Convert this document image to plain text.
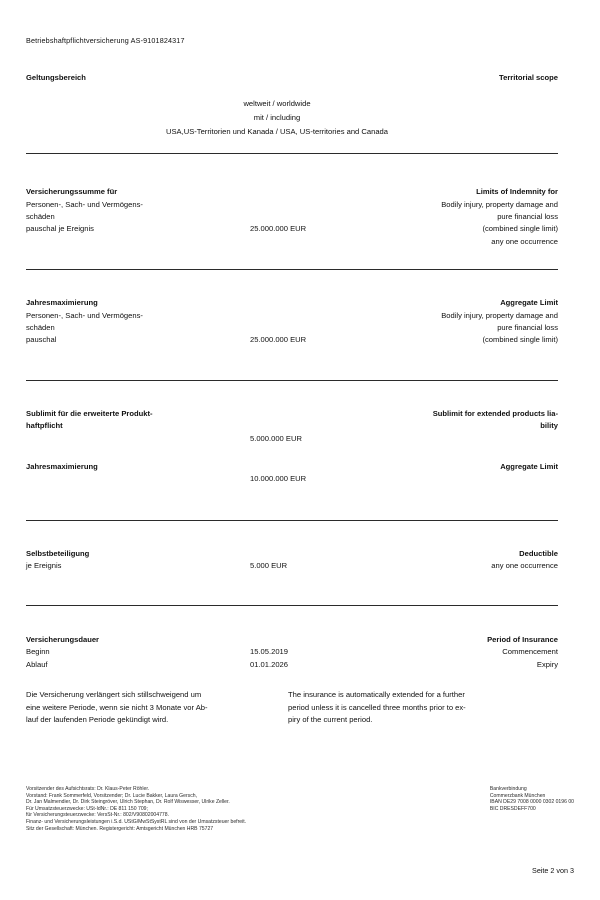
Betriebshaftpflichtversicherung AS-9101824317
Geltungsbereich	Territorial scope
weltweit / worldwide
mit / including
USA,US-Territorien und Kanada / USA, US-territories and Canada
Versicherungssumme für	Limits of Indemnity for
Personen-, Sach- und Vermögens-	Bodily injury, property damage and
schäden	pure financial loss
pauschal je Ereignis	25.000.000 EUR	(combined single limit)
any one occurrence
Jahresmaximierung	Aggregate Limit
Personen-, Sach- und Vermögens-	Bodily injury, property damage and
schäden	pure financial loss
pauschal	25.000.000 EUR	(combined single limit)
Sublimit für die erweiterte Produkt-	Sublimit for extended products lia-
haftpflicht	bility
5.000.000 EUR
Jahresmaximierung	Aggregate Limit
10.000.000 EUR
Selbstbeteiligung	Deductible
je Ereignis	5.000 EUR	any one occurrence
Versicherungsdauer	Period of Insurance
Beginn	15.05.2019	Commencement
Ablauf	01.01.2026	Expiry
Die Versicherung verlängert sich stillschweigend um
eine weitere Periode, wenn sie nicht 3 Monate vor Ab-
lauf der laufenden Periode gekündigt wird.
The insurance is automatically extended for a further
period unless it is cancelled three months prior to ex-
piry of the current period.
Vorsitzender des Aufsichtsrats: Dr. Klaus-Peter Röhler.
Vorstand: Frank Sommerfeld, Vorsitzender; Dr. Lucie Bakker, Laura Gersch,
Dr. Jan Malmendier, Dr. Dirk Steingröver, Ulrich Stephan, Dr. Rolf Wiswesser, Ulrike Zeller.
Für Umsatzsteuerzwecke: USt-IdNr.: DE 811 150 709;
für Versicherungsteuerzwecke: VersSt-Nr.: 802/V90802004778.
Finanz- und Versicherungsleistungen i.S.d. UStG/MwStSystRL sind von der Umsatzsteuer befreit.
Sitz der Gesellschaft: München. Registergericht: Amtsgericht München HRB 75727
Bankverbindung
Commerzbank München
IBAN DE29 7008 0000 0302 0196 00
BIC DRESDEFF700
Seite 2 von 3
